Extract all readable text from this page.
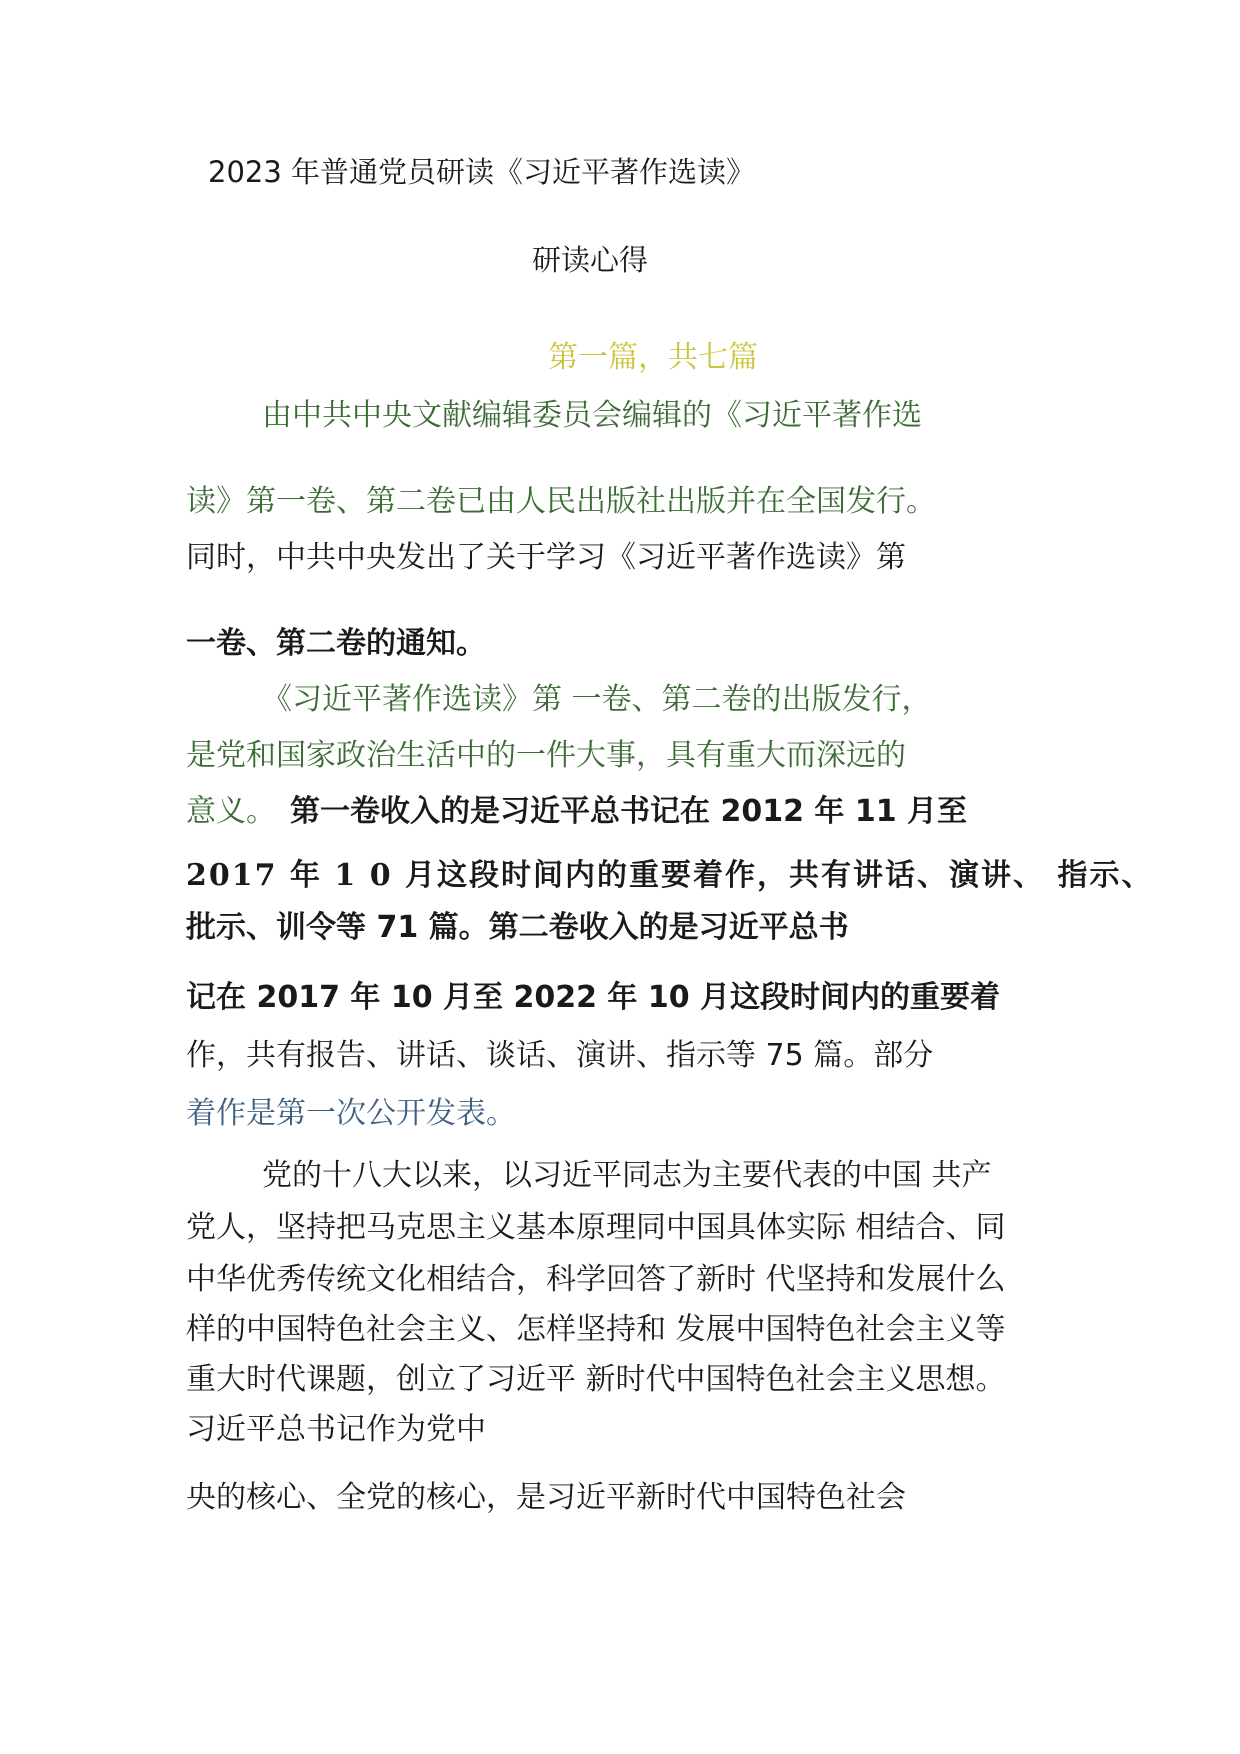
2023 年普通党员研读《习近平著作选读》
研读心得
第一篇，共七篇
由中共中央文献编辑委员会编辑的《习近平著作选
读》第一卷、第二卷已由人民出版社出版并在全国发行。
同时，中共中央发出了关于学习《习近平著作选读》第
一卷、第二卷的通知。
《习近平著作选读》第 一卷、第二卷的出版发行，
是党和国家政治生活中的一件大事，具有重大而深远的
意义。 第一卷收入的是习近平总书记在 2012 年 11 月至
2017 年 1 0 月这段时间内的重要着作，共有讲话、演讲、 指示、
批示、训令等 71 篇。第二卷收入的是习近平总书
记在 2017 年 10 月至 2022 年 10 月这段时间内的重要着
作，共有报告、讲话、谈话、演讲、指示等 75 篇。部分
着作是第一次公开发表。
党的十八大以来，以习近平同志为主要代表的中国 共产
党人，坚持把马克思主义基本原理同中国具体实际 相结合、同
中华优秀传统文化相结合，科学回答了新时 代坚持和发展什么
样的中国特色社会主义、怎样坚持和 发展中国特色社会主义等
重大时代课题，创立了习近平 新时代中国特色社会主义思想。
习近平总书记作为党中
央的核心、全党的核心，是习近平新时代中国特色社会
